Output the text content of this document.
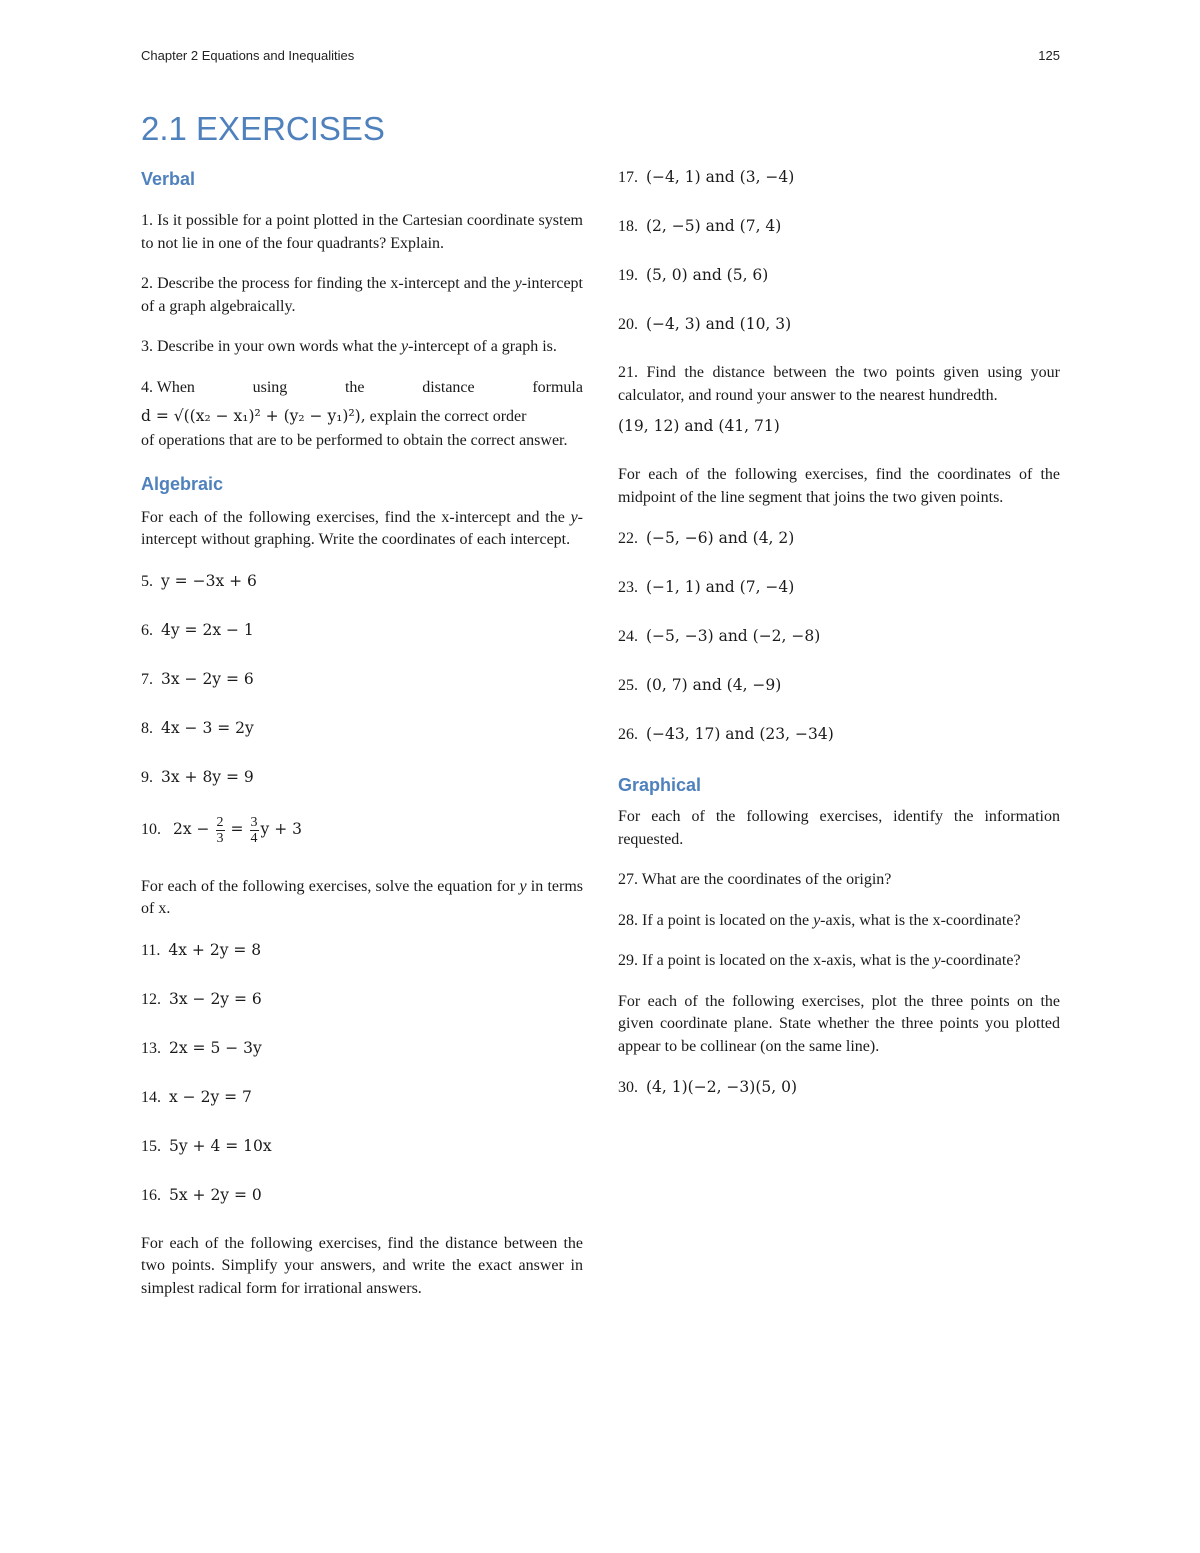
Chapter 2 Equations and Inequalities	125
2.1 EXERCISES
Verbal

1. Is it possible for a point plotted in the Cartesian coordinate system to not lie in one of the four quadrants? Explain.

2. Describe the process for finding the x-intercept and the y-intercept of a graph algebraically.

3. Describe in your own words what the y-intercept of a graph is.

4. When	using	the	distance	formula
d = √((x₂ − x₁)² + (y₂ − y₁)²), explain the correct order

of operations that are to be performed to obtain the correct answer.

Algebraic

For each of the following exercises, find the x-intercept and the y-intercept without graphing. Write the coordinates of each intercept.

5. y = −3x + 6
6. 4y = 2x − 1
7. 3x − 2y = 6
8. 4x − 3 = 2y
9. 3x + 8y = 9
10. $2x - \frac{2}{3} = \frac{3}{4}$ y + 3

For each of the following exercises, solve the equation for y in terms of x.

11. 4x + 2y = 8
12. 3x − 2y = 6
13. 2x = 5 − 3y
14. x − 2y = 7
15. 5y + 4 = 10x
16. 5x + 2y = 0

For each of the following exercises, find the distance between the two points. Simplify your answers, and write the exact answer in simplest radical form for irrational answers.

17. (−4, 1) and (3, −4)
18. (2, −5) and (7, 4)
19. (5, 0) and (5, 6)
20. (−4, 3) and (10, 3)

21. Find the distance between the two points given using your calculator, and round your answer to the nearest hundredth.

(19, 12) and (41, 71)

For each of the following exercises, find the coordinates of the midpoint of the line segment that joins the two given points.

22. (−5, −6) and (4, 2)
23. (−1, 1) and (7, −4)
24. (−5, −3) and (−2, −8)
25. (0, 7) and (4, −9)
26. (−43, 17) and (23, −34)
Graphical

For each of the following exercises, identify the information requested.

27. What are the coordinates of the origin?

28. If a point is located on the y-axis, what is the x-coordinate?

29. If a point is located on the x-axis, what is the y-coordinate?

For each of the following exercises, plot the three points on the given coordinate plane. State whether the three points you plotted appear to be collinear (on the same line).

30. (4, 1)(−2, −3)(5, 0)
